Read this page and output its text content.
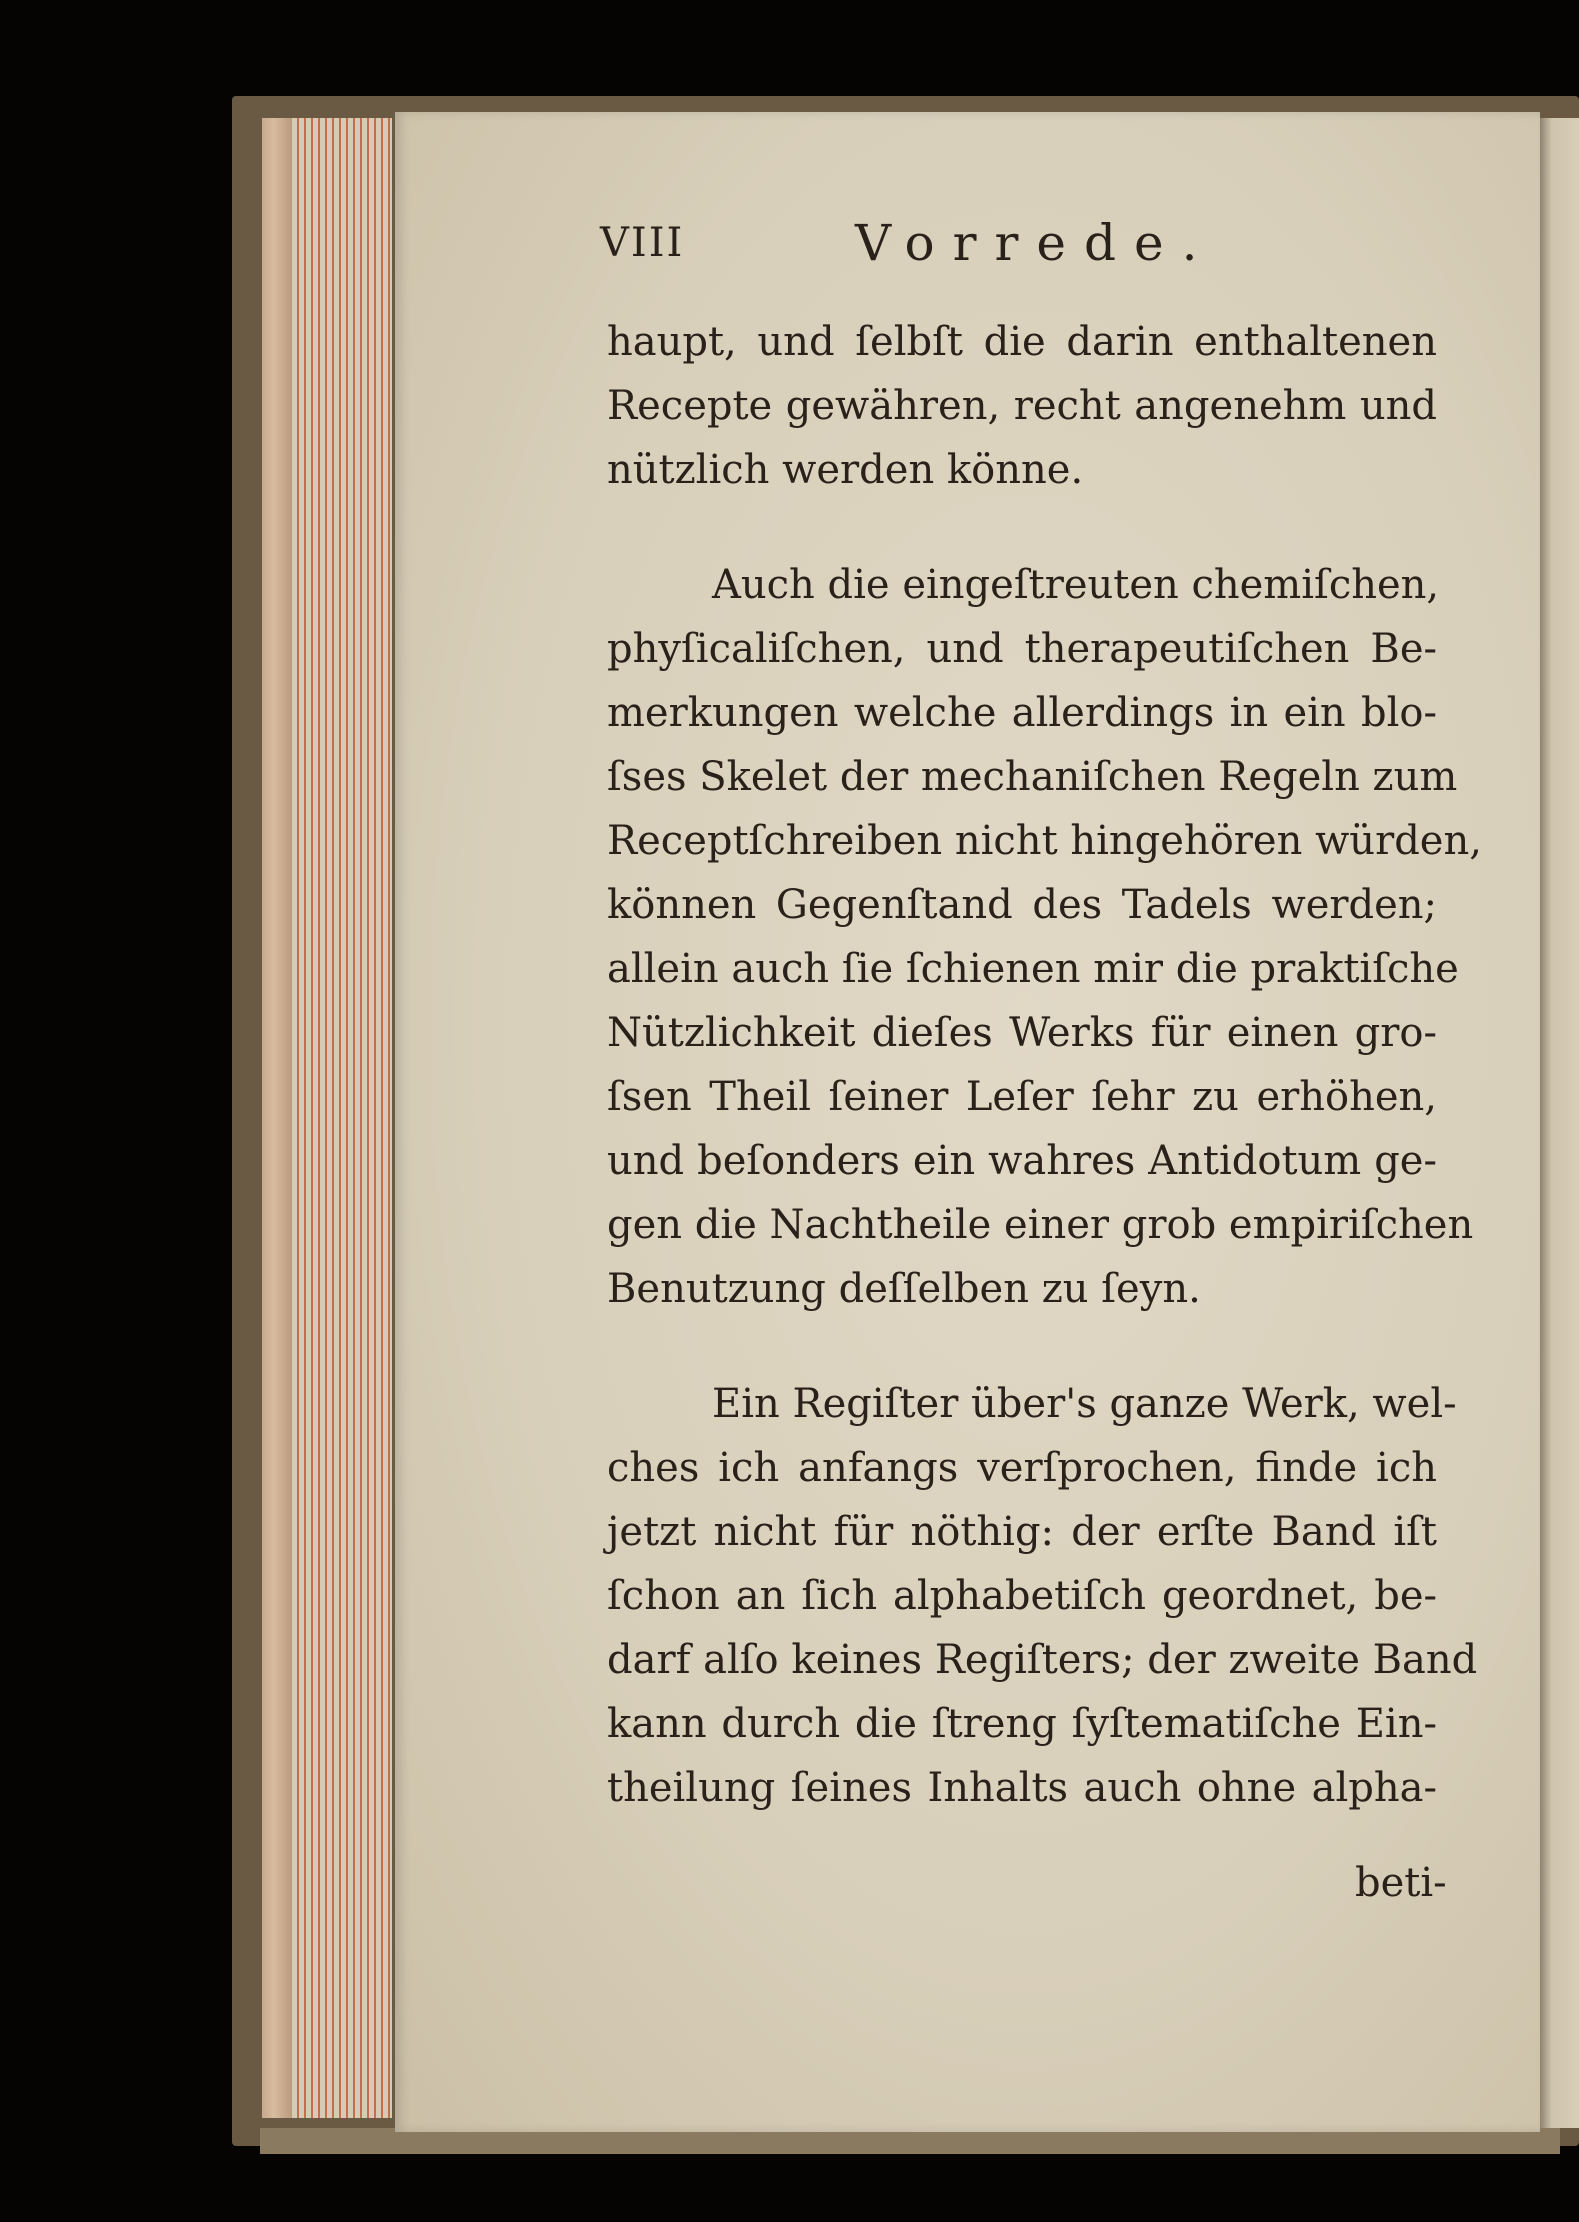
VIII	Vorrede.
haupt, und ſelbſt die darin enthaltenen
Recepte gewähren, recht angenehm und
nützlich werden könne.
Auch die eingeſtreuten chemiſchen,
phyſicaliſchen, und therapeutiſchen Be-
merkungen welche allerdings in ein blo-
ſses Skelet der mechaniſchen Regeln zum
Receptſchreiben nicht hingehören würden,
können Gegenſtand des Tadels werden;
allein auch ſie ſchienen mir die praktiſche
Nützlichkeit dieſes Werks für einen gro-
ſsen Theil ſeiner Leſer ſehr zu erhöhen,
und beſonders ein wahres Antidotum ge-
gen die Nachtheile einer grob empiriſchen
Benutzung deſſelben zu ſeyn.
Ein Regiſter über's ganze Werk, wel-
ches ich anfangs verſprochen, finde ich
jetzt nicht für nöthig: der erſte Band iſt
ſchon an ſich alphabetiſch geordnet, be-
darf alſo keines Regiſters; der zweite Band
kann durch die ſtreng ſyſtematiſche Ein-
theilung ſeines Inhalts auch ohne alpha-
beti-
